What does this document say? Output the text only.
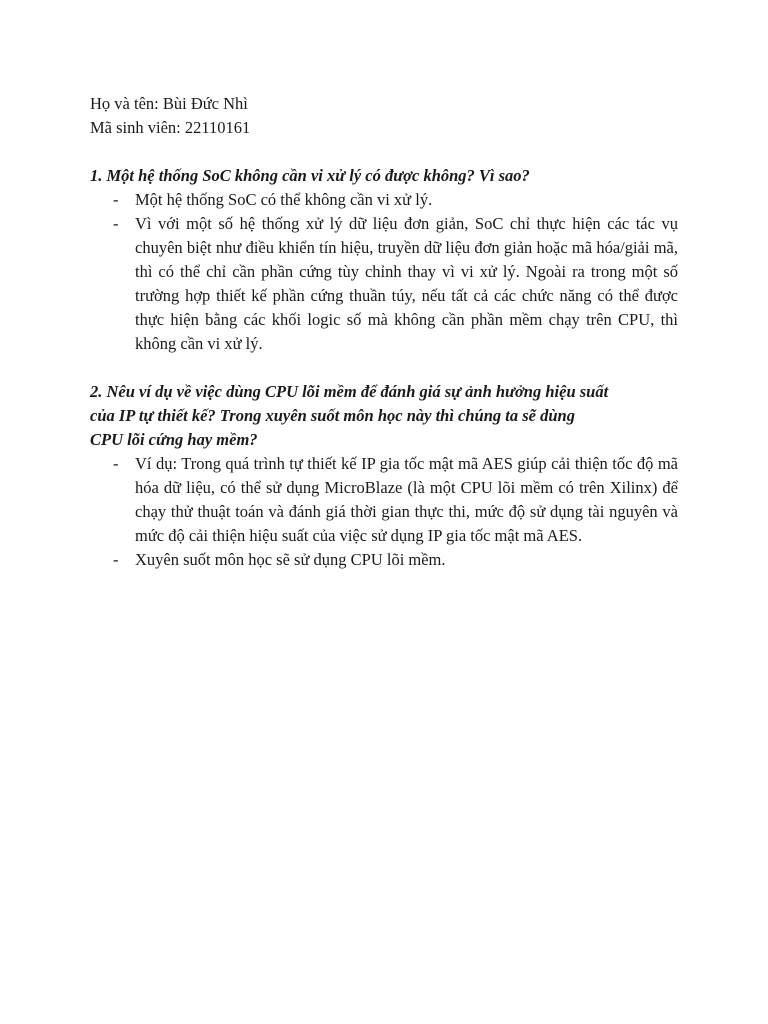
Họ và tên: Bùi Đức Nhì
Mã sinh viên: 22110161

1. Một hệ thống SoC không cần vi xử lý có được không? Vì sao?

- Một hệ thống SoC có thể không cần vi xử lý.
- Vì với một số hệ thống xử lý dữ liệu đơn giản, SoC chỉ thực hiện các tác vụ chuyên biệt như điều khiển tín hiệu, truyền dữ liệu đơn giản hoặc mã hóa/giải mã, thì có thể chỉ cần phần cứng tùy chỉnh thay vì vi xử lý. Ngoài ra trong một số trường hợp thiết kế phần cứng thuần túy, nếu tất cả các chức năng có thể được thực hiện bằng các khối logic số mà không cần phần mềm chạy trên CPU, thì không cần vi xử lý.

2. Nêu ví dụ về việc dùng CPU lõi mềm để đánh giá sự ảnh hưởng hiệu suất
của IP tự thiết kế? Trong xuyên suốt môn học này thì chúng ta sẽ dùng
CPU lõi cứng hay mềm?

- Ví dụ: Trong quá trình tự thiết kế IP gia tốc mật mã AES giúp cải thiện tốc độ mã hóa dữ liệu, có thể sử dụng MicroBlaze (là một CPU lõi mềm có trên Xilinx) để chạy thử thuật toán và đánh giá thời gian thực thi, mức độ sử dụng tài nguyên và mức độ cải thiện hiệu suất của việc sử dụng IP gia tốc mật mã AES.
- Xuyên suốt môn học sẽ sử dụng CPU lõi mềm.
